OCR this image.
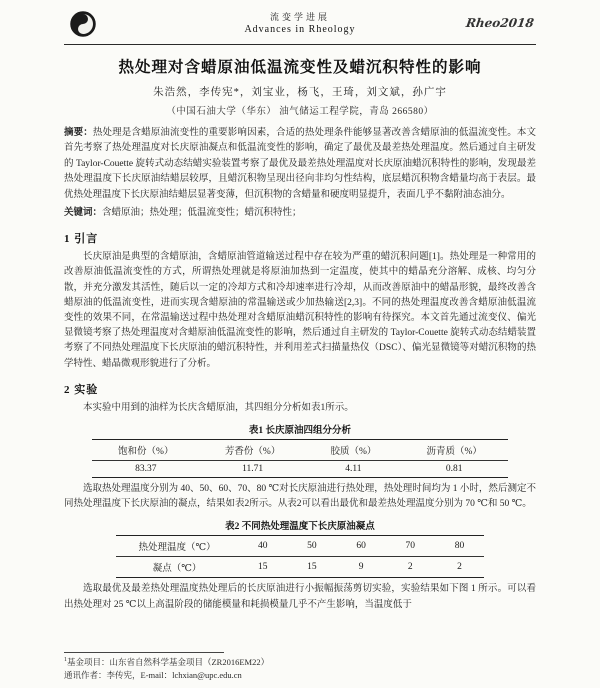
流变学进展
Advances in Rheology	Rheo2018
热处理对含蜡原油低温流变性及蜡沉积特性的影响
朱浩然，李传宪*，刘宝业，杨飞，王琦，刘文斌，孙广宇
（中国石油大学（华东） 油气储运工程学院，青岛 266580）
摘要：热处理是含蜡原油流变性的重要影响因素，合适的热处理条件能够显著改善含蜡原油的低温流变性。本文首先考察了热处理温度对长庆原油凝点和低温流变性的影响，确定了最优及最差热处理温度。然后通过自主研发的 Taylor-Couette 旋转式动态结蜡实验装置考察了最优及最差热处理温度对长庆原油蜡沉积特性的影响，发现最差热处理温度下长庆原油结蜡层较厚，且蜡沉积物呈现出径向非均匀性结构，底层蜡沉积物含蜡量均高于表层。最优热处理温度下长庆原油结蜡层显著变薄，但沉积物的含蜡量和硬度明显提升，表面几乎不黏附油态油分。
关键词：含蜡原油；热处理；低温流变性；蜡沉积特性；
1 引言

长庆原油是典型的含蜡原油，含蜡原油管道输送过程中存在较为严重的蜡沉积问题[1]。热处理是一种常用的改善原油低温流变性的方式，所谓热处理就是将原油加热到一定温度，使其中的蜡晶充分溶解、成核、均匀分散，并充分激发其活性，随后以一定的冷却方式和冷却速率进行冷却，从而改善原油中的蜡晶形貌，最终改善含蜡原油的低温流变性，进而实现含蜡原油的常温输送或少加热输送[2,3]。不同的热处理温度改善含蜡原油低温流变性的效果不同，在常温输送过程中热处理对含蜡原油蜡沉积特性的影响有待探究。本文首先通过流变仪、偏光显微镜考察了热处理温度对含蜡原油低温流变性的影响，然后通过自主研发的 Taylor-Couette 旋转式动态结蜡装置考察了不同热处理温度下长庆原油的蜡沉积特性，并利用差式扫描量热仪（DSC）、偏光显微镜等对蜡沉积物的热学特性、蜡晶微观形貌进行了分析。

2 实验

本实验中用到的油样为长庆含蜡原油，其四组分分析如表1所示。

表1 长庆原油四组分分析
饱和份（%）	芳香份（%）	胶质（%）	沥青质（%）
83.37	11.71	4.11	0.81

选取热处理温度分别为 40、50、60、70、80 ℃对长庆原油进行热处理，热处理时间均为 1 小时，然后测定不同热处理温度下长庆原油的凝点，结果如表2所示。从表2可以看出最优和最差热处理温度分别为 70 ℃和 50 ℃。

表2 不同热处理温度下长庆原油凝点
热处理温度（℃）	40	50	60	70	80
凝点（℃）	15	15	9	2	2

选取最优及最差热处理温度热处理后的长庆原油进行小振幅振荡剪切实验，实验结果如下图 1 所示。可以看出热处理对 25 ℃以上高温阶段的储能模量和耗损模量几乎不产生影响，当温度低于

$^1$基金项目：山东省自然科学基金项目（ZR2016EM22）
通讯作者：李传宪，E-mail：lchxian@upc.edu.cn
